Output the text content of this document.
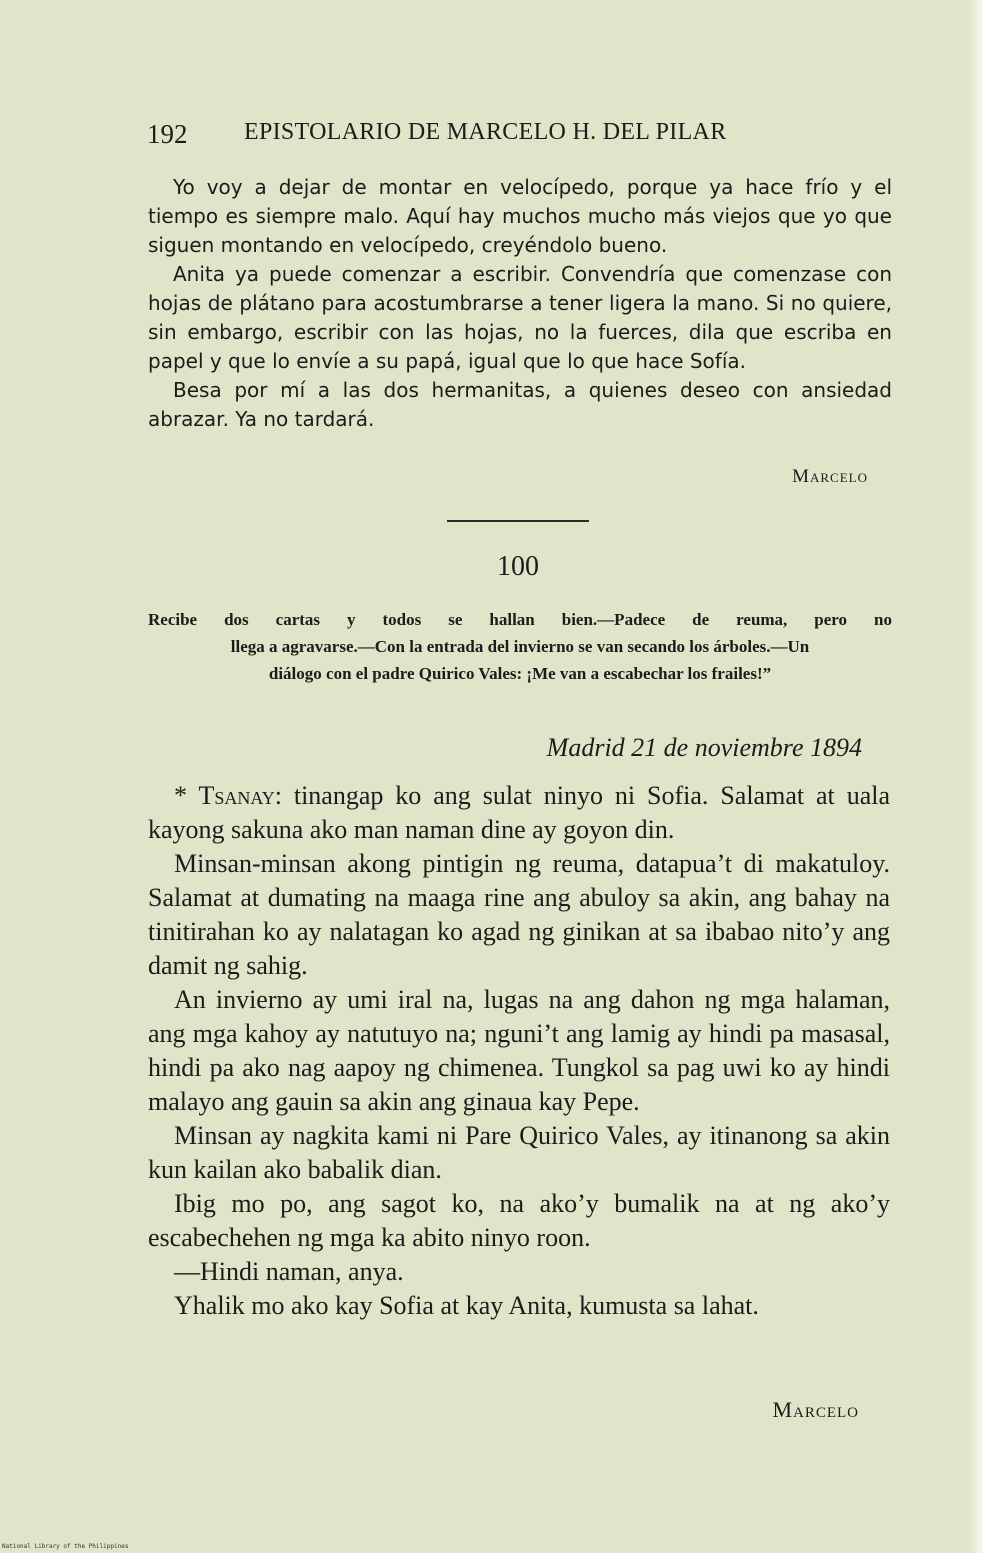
192 EPISTOLARIO DE MARCELO H. DEL PILAR

Yo voy a dejar de montar en velocípedo, porque ya hace frío y el tiempo es siempre malo. Aquí hay muchos mucho más viejos que yo que siguen montando en velocípedo, creyéndolo bueno.

Anita ya puede comenzar a escribir. Convendría que comenzase con hojas de plátano para acostumbrarse a tener ligera la mano. Si no quiere, sin embargo, escribir con las hojas, no la fuerces, dila que escriba en papel y que lo envíe a su papá, igual que lo que hace Sofía.

Besa por mí a las dos hermanitas, a quienes deseo con ansiedad abrazar. Ya no tardará.

Marcelo
100
Recibe dos cartas y todos se hallan bien.—Padece de reuma, pero no
llega a agravarse.—Con la entrada del invierno se van secando los árboles.—Un diálogo con el padre Quirico Vales: ¡Me van a escabechar los frailes!”
Madrid 21 de noviembre 1894

* Tsanay: tinangap ko ang sulat ninyo ni Sofia. Salamat at uala kayong sakuna ako man naman dine ay goyon din.

Minsan-minsan akong pintigin ng reuma, datapua’t di makatuloy. Salamat at dumating na maaga rine ang abuloy sa akin, ang bahay na tinitirahan ko ay nalatagan ko agad ng ginikan at sa ibabao nito’y ang damit ng sahig.

An invierno ay umi iral na, lugas na ang dahon ng mga halaman, ang mga kahoy ay natutuyo na; nguni’t ang lamig ay hindi pa masasal, hindi pa ako nag aapoy ng chimenea. Tungkol sa pag uwi ko ay hindi malayo ang gauin sa akin ang ginaua kay Pepe.

Minsan ay nagkita kami ni Pare Quirico Vales, ay itinanong sa akin kun kailan ako babalik dian.

Ibig mo po, ang sagot ko, na ako’y bumalik na at ng ako’y escabechehen ng mga ka abito ninyo roon.

—Hindi naman, anya.

Yhalik mo ako kay Sofia at kay Anita, kumusta sa lahat.

Marcelo
National Library of the Philippines
